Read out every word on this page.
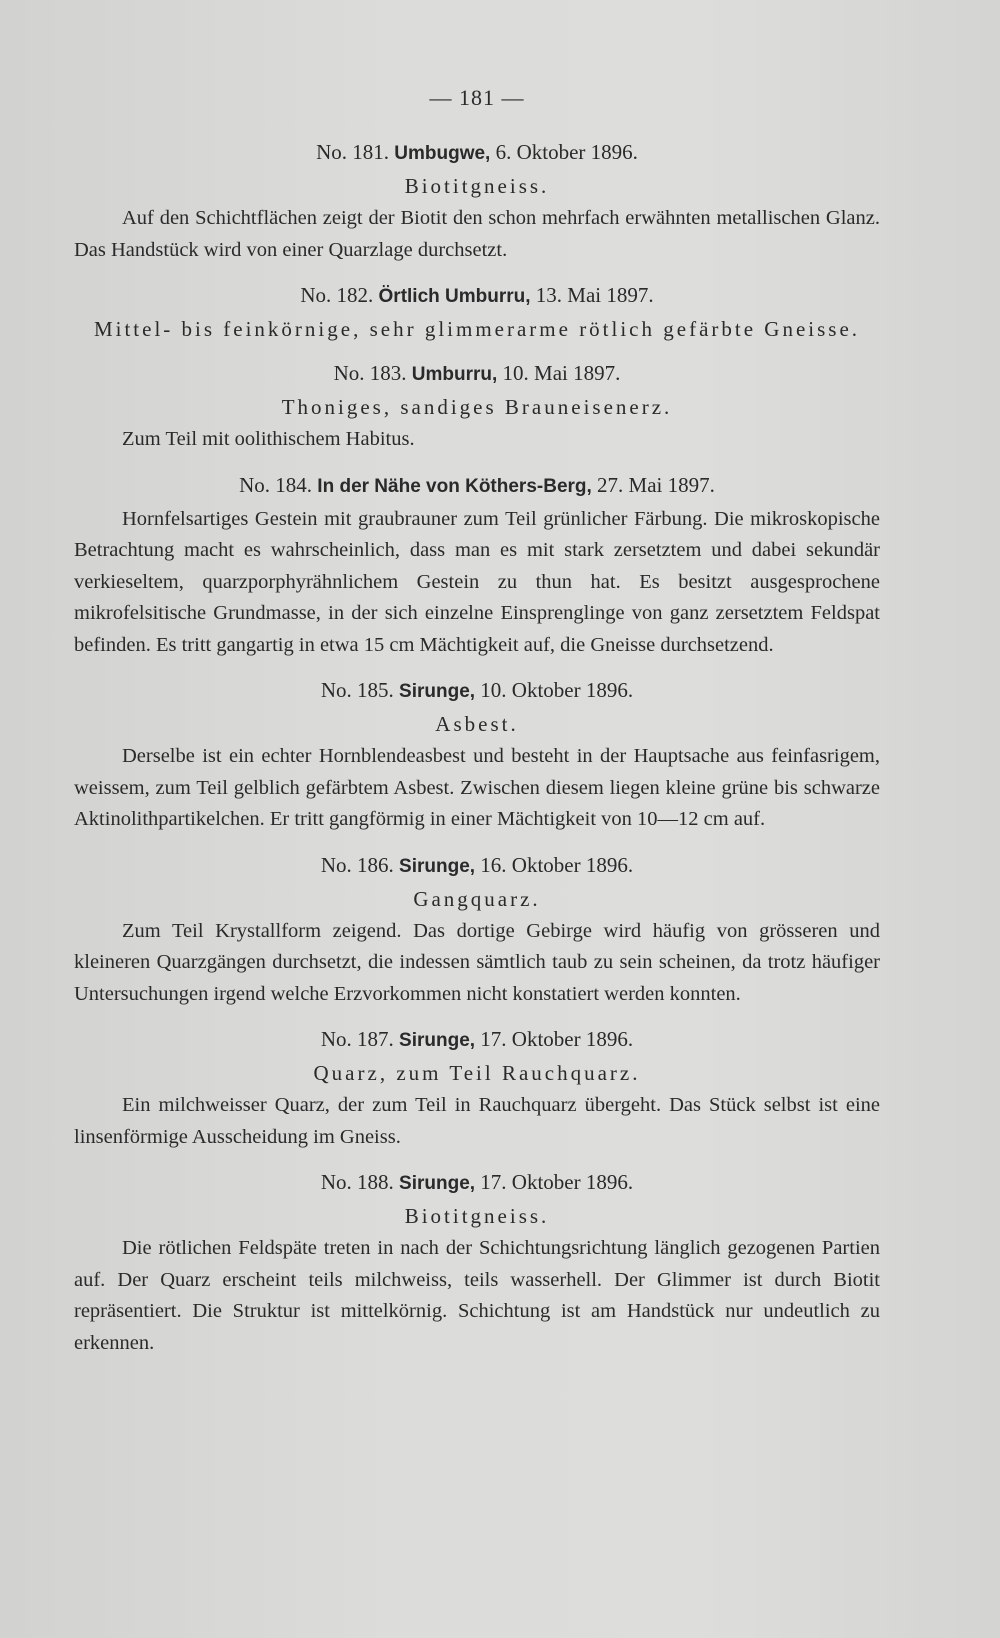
— 181 —
No. 181. Umbugwe, 6. Oktober 1896.
Biotitgneiss.

Auf den Schichtflächen zeigt der Biotit den schon mehrfach erwähnten metallischen Glanz. Das Handstück wird von einer Quarzlage durchsetzt.

No. 182. Örtlich Umburru, 13. Mai 1897.
Mittel- bis feinkörnige, sehr glimmerarme rötlich gefärbte Gneisse.
No. 183. Umburru, 10. Mai 1897.
Thoniges, sandiges Brauneisenerz.

Zum Teil mit oolithischem Habitus.

No. 184. In der Nähe von Köthers-Berg, 27. Mai 1897.

Hornfelsartiges Gestein mit graubrauner zum Teil grünlicher Färbung. Die mikroskopische Betrachtung macht es wahrscheinlich, dass man es mit stark zersetztem und dabei sekundär verkieseltem, quarzporphyrähnlichem Gestein zu thun hat. Es besitzt ausgesprochene mikrofelsitische Grundmasse, in der sich einzelne Einsprenglinge von ganz zersetztem Feldspat befinden. Es tritt gangartig in etwa 15 cm Mächtigkeit auf, die Gneisse durchsetzend.

No. 185. Sirunge, 10. Oktober 1896.
Asbest.

Derselbe ist ein echter Hornblendeasbest und besteht in der Hauptsache aus feinfasrigem, weissem, zum Teil gelblich gefärbtem Asbest. Zwischen diesem liegen kleine grüne bis schwarze Aktinolithpartikelchen. Er tritt gangförmig in einer Mächtigkeit von 10—12 cm auf.

No. 186. Sirunge, 16. Oktober 1896.
Gangquarz.

Zum Teil Krystallform zeigend. Das dortige Gebirge wird häufig von grösseren und kleineren Quarzgängen durchsetzt, die indessen sämtlich taub zu sein scheinen, da trotz häufiger Untersuchungen irgend welche Erzvorkommen nicht konstatiert werden konnten.

No. 187. Sirunge, 17. Oktober 1896.
Quarz, zum Teil Rauchquarz.

Ein milchweisser Quarz, der zum Teil in Rauchquarz übergeht. Das Stück selbst ist eine linsenförmige Ausscheidung im Gneiss.

No. 188. Sirunge, 17. Oktober 1896.
Biotitgneiss.

Die rötlichen Feldspäte treten in nach der Schichtungsrichtung länglich gezogenen Partien auf. Der Quarz erscheint teils milchweiss, teils wasserhell. Der Glimmer ist durch Biotit repräsentiert. Die Struktur ist mittelkörnig. Schichtung ist am Handstück nur undeutlich zu erkennen.
